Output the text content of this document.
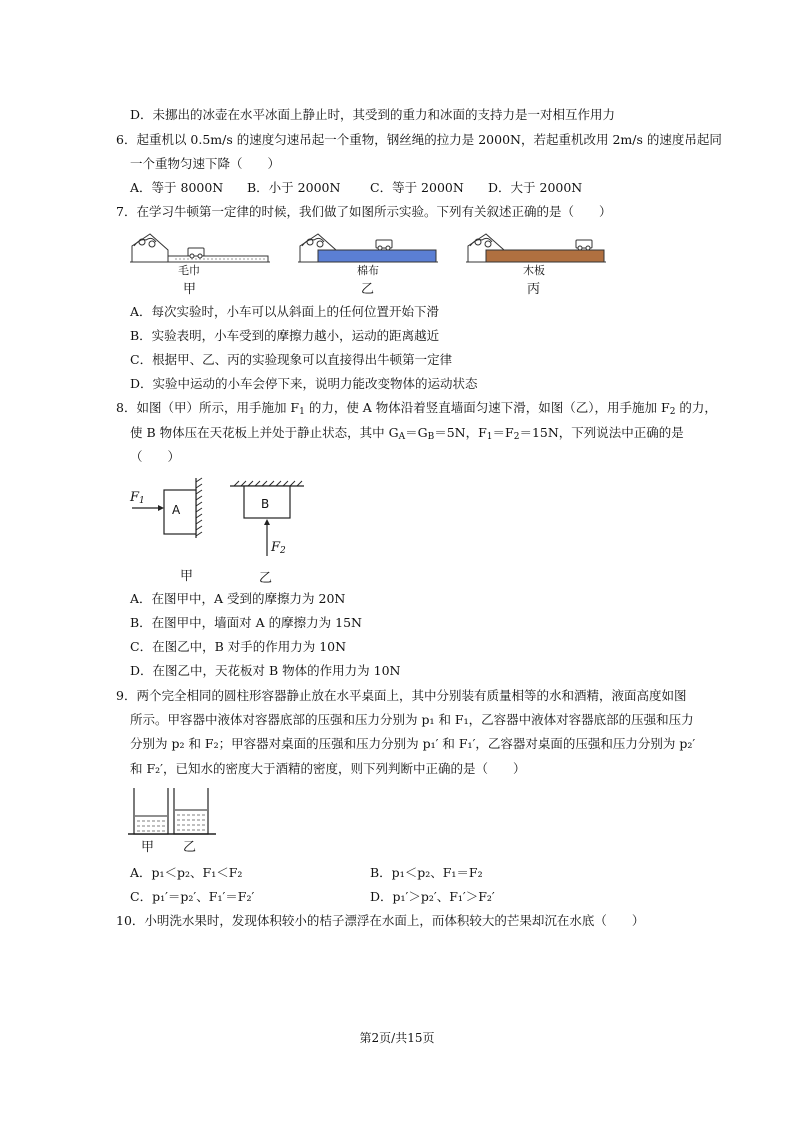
D．未挪出的冰壶在水平冰面上静止时，其受到的重力和冰面的支持力是一对相互作用力
6．起重机以 0.5m/s 的速度匀速吊起一个重物，钢丝绳的拉力是 2000N，若起重机改用 2m/s 的速度吊起同
一个重物匀速下降（　　）
A．等于 8000N B．小于 2000N C．等于 2000N D．大于 2000N
7．在学习牛顿第一定律的时候，我们做了如图所示实验。下列有关叙述正确的是（　　）
毛巾	棉布	木板
甲	乙	丙
A．每次实验时，小车可以从斜面上的任何位置开始下滑
B．实验表明，小车受到的摩擦力越小，运动的距离越近
C．根据甲、乙、丙的实验现象可以直接得出牛顿第一定律
D．实验中运动的小车会停下来，说明力能改变物体的运动状态
8．如图（甲）所示，用手施加 $F_1$ 的力，使 A 物体沿着竖直墙面匀速下滑，如图（乙），用手施加 $F_2$ 的力，
使 B 物体压在天花板上并处于静止状态，其中 $G_A=G_B=5N$，$F_1=F_2=15N$，下列说法中正确的是
（　　）
$F_1$
A	B
$F_2$
甲	乙
A．在图甲中，A 受到的摩擦力为 20N
B．在图甲中，墙面对 A 的摩擦力为 15N
C．在图乙中，B 对手的作用力为 10N
D．在图乙中，天花板对 B 物体的作用力为 10N
9．两个完全相同的圆柱形容器静止放在水平桌面上，其中分别装有质量相等的水和酒精，液面高度如图
所示。甲容器中液体对容器底部的压强和压力分别为 p₁ 和 F₁，乙容器中液体对容器底部的压强和压力
分别为 p₂ 和 F₂；甲容器对桌面的压强和压力分别为 p₁′ 和 F₁′，乙容器对桌面的压强和压力分别为 p₂′
和 F₂′，已知水的密度大于酒精的密度，则下列判断中正确的是（　　）
甲 乙
A．p₁＜p₂、F₁＜F₂	B．p₁＜p₂、F₁＝F₂
C．p₁′＝p₂′、F₁′＝F₂′	D．p₁′＞p₂′、F₁′＞F₂′
10．小明洗水果时，发现体积较小的桔子漂浮在水面上，而体积较大的芒果却沉在水底（　　）
第2页/共15页
